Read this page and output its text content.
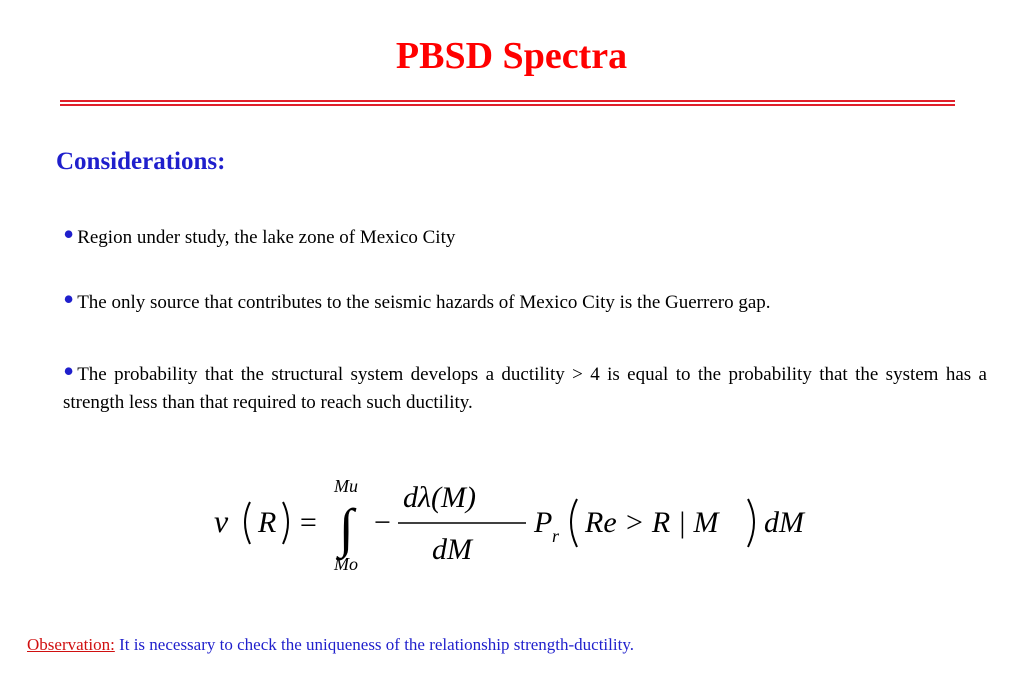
PBSD Spectra
Considerations:
• Region under study, the lake zone of Mexico City
• The only source that contributes to the seismic hazards of Mexico City is the Guerrero gap.
• The probability that the structural system develops a ductility > 4 is equal to the probability that the system has a strength less than that required to reach such ductility.
ν R = ∫
Mu
Mo
−
dλ(M)
dM
P r Re > R | M dM
Observation: It is necessary to check the uniqueness of the relationship strength-ductility.
